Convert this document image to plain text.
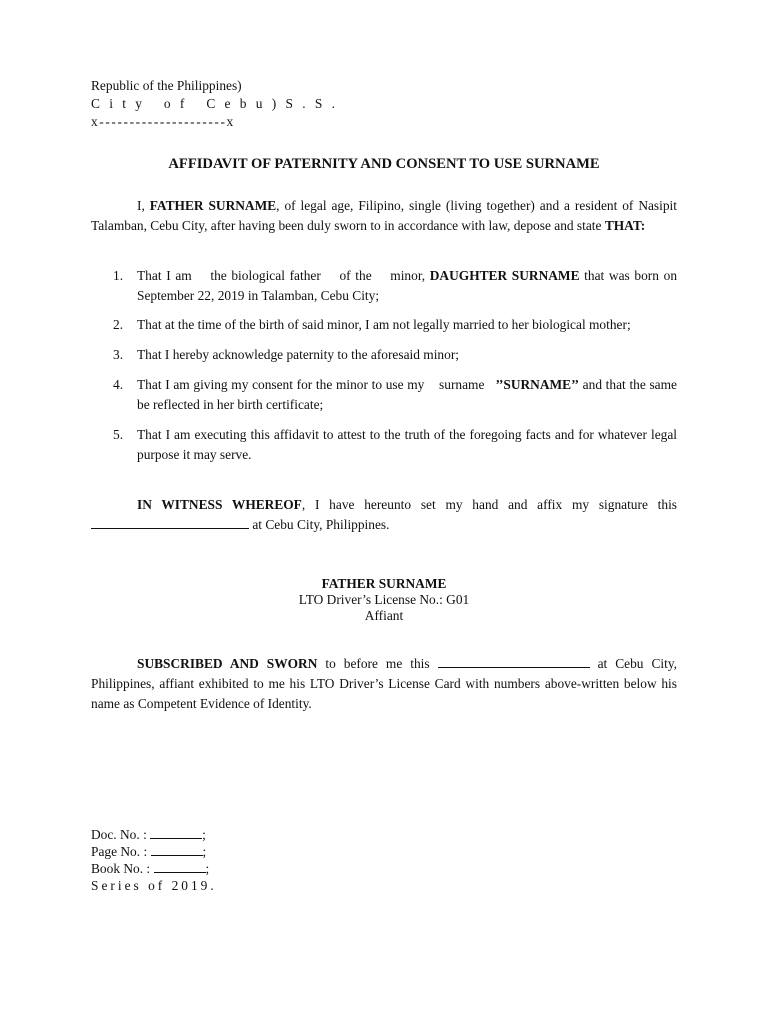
Republic of the Philippines)
City of Cebu)S.S.
x---------------------x
AFFIDAVIT OF PATERNITY AND CONSENT TO USE SURNAME
I, FATHER SURNAME, of legal age, Filipino, single (living together) and a resident of Nasipit Talamban, Cebu City, after having been duly sworn to in accordance with law, depose and state THAT:
1. That I am    the biological father    of the    minor, DAUGHTER SURNAME that was born on September 22, 2019 in Talamban, Cebu City;
2. That at the time of the birth of said minor, I am not legally married to her biological mother;
3. That I hereby acknowledge paternity to the aforesaid minor;
4. That I am giving my consent for the minor to use my    surname   ’’SURNAME’’ and that the same be reflected in her birth certificate;
5. That I am executing this affidavit to attest to the truth of the foregoing facts and for whatever legal purpose it may serve.
IN WITNESS WHEREOF, I have hereunto set my hand and affix my signature this  at Cebu City, Philippines.
FATHER SURNAME
LTO Driver’s License No.: G01
Affiant
SUBSCRIBED AND SWORN to before me this	at Cebu City, Philippines, affiant exhibited to me his LTO Driver’s License Card with numbers above-written below his name as Competent Evidence of Identity.
Doc. No. :	;
Page No. :	;
Book No. :	;
Series of 2019.
